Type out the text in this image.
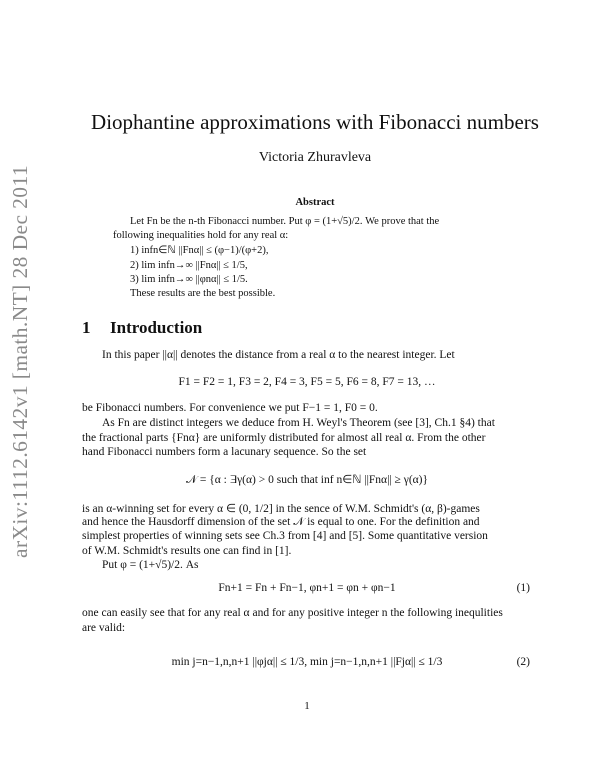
arXiv:1112.6142v1 [math.NT] 28 Dec 2011
Diophantine approximations with Fibonacci numbers
Victoria Zhuravleva
Abstract
Let Fn be the n-th Fibonacci number. Put φ = (1+√5)/2. We prove that the
following inequalities hold for any real α:
1) infn∈ℕ ||Fnα|| ≤ (φ−1)/(φ+2),
2) lim infn→∞ ||Fnα|| ≤ 1/5,
3) lim infn→∞ ||φnα|| ≤ 1/5.
These results are the best possible.
1 Introduction
In this paper ||α|| denotes the distance from a real α to the nearest integer. Let
F1 = F2 = 1, F3 = 2, F4 = 3, F5 = 5, F6 = 8, F7 = 13, …
be Fibonacci numbers. For convenience we put F−1 = 1, F0 = 0.
As Fn are distinct integers we deduce from H. Weyl's Theorem (see [3], Ch.1 §4) that
the fractional parts {Fnα} are uniformly distributed for almost all real α. From the other
hand Fibonacci numbers form a lacunary sequence. So the set
𝒩 = {α : ∃γ(α) > 0 such that inf n∈ℕ ||Fnα|| ≥ γ(α)}
is an α-winning set for every α ∈ (0, 1/2] in the sence of W.M. Schmidt's (α, β)-games
and hence the Hausdorff dimension of the set 𝒩 is equal to one. For the definition and
simplest properties of winning sets see Ch.3 from [4] and [5]. Some quantitative version
of W.M. Schmidt's results one can find in [1].
Put φ = (1+√5)/2. As
Fn+1 = Fn + Fn−1, φn+1 = φn + φn−1	(1)
one can easily see that for any real α and for any positive integer n the following inequlities
are valid:
min j=n−1,n,n+1 ||φjα|| ≤ 1/3, min j=n−1,n,n+1 ||Fjα|| ≤ 1/3	(2)
1
